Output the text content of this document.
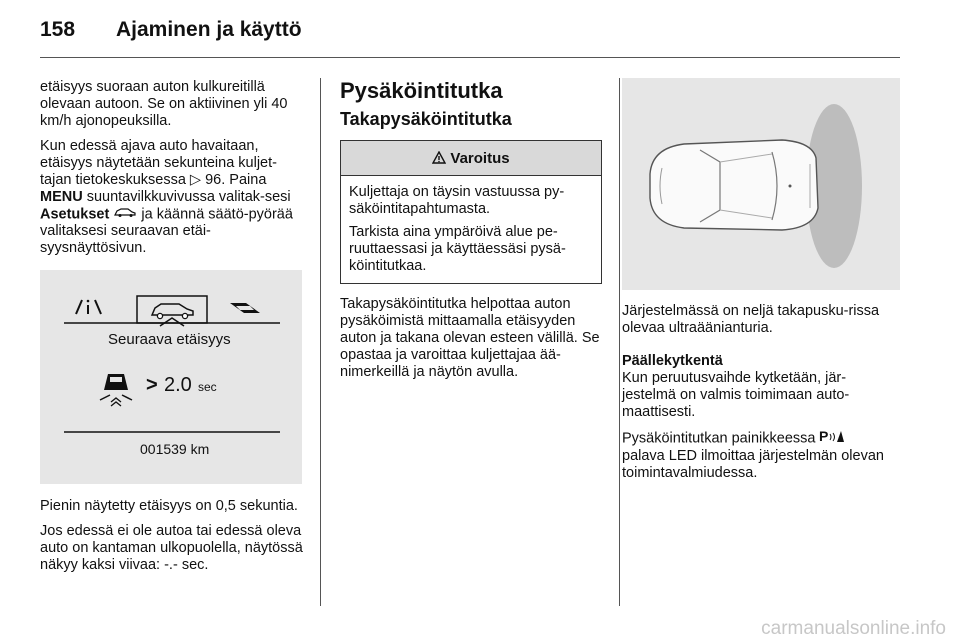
158 Ajaminen ja käyttö

etäisyys suoraan auton kulkureitillä olevaan autoon. Se on aktiivinen yli 40 km/h ajonopeuksilla.

Kun edessä ajava auto havaitaan, etäisyys näytetään sekunteina kuljet-tajan tietokeskuksessa ▷ 96. Paina MENU suuntavilkkuvivussa valitak-sesi Asetukset ja käännä säätö-pyörää valitaksesi seuraavan etäi-syysnäyttösivun.

Seuraava etäisyys
> 2.0 sec
001539 km

Pienin näytetty etäisyys on 0,5 sekuntia.

Jos edessä ei ole autoa tai edessä oleva auto on kantaman ulkopuolella, näytössä näkyy kaksi viivaa: -.- sec.

Pysäköintitutka
Takapysäköintitutka
Varoitus

Kuljettaja on täysin vastuussa py-säköintitapahtumasta.

Tarkista aina ympäröivä alue pe-ruuttaessasi ja käyttäessäsi pysä-köintitutkaa.

Takapysäköintitutka helpottaa auton pysäköimistä mittaamalla etäisyyden auton ja takana olevan esteen välillä. Se opastaa ja varoittaa kuljettajaa ää-nimerkeillä ja näytön avulla.

Järjestelmässä on neljä takapusku-rissa olevaa ultraäänianturia.

Päällekytkentä

Kun peruutusvaihde kytketään, jär-jestelmä on valmis toimimaan auto-maattisesti.

Pysäköintitutkan painikkeessa P
palava LED ilmoittaa järjestelmän olevan toimintavalmiudessa.

carmanualsonline.info
